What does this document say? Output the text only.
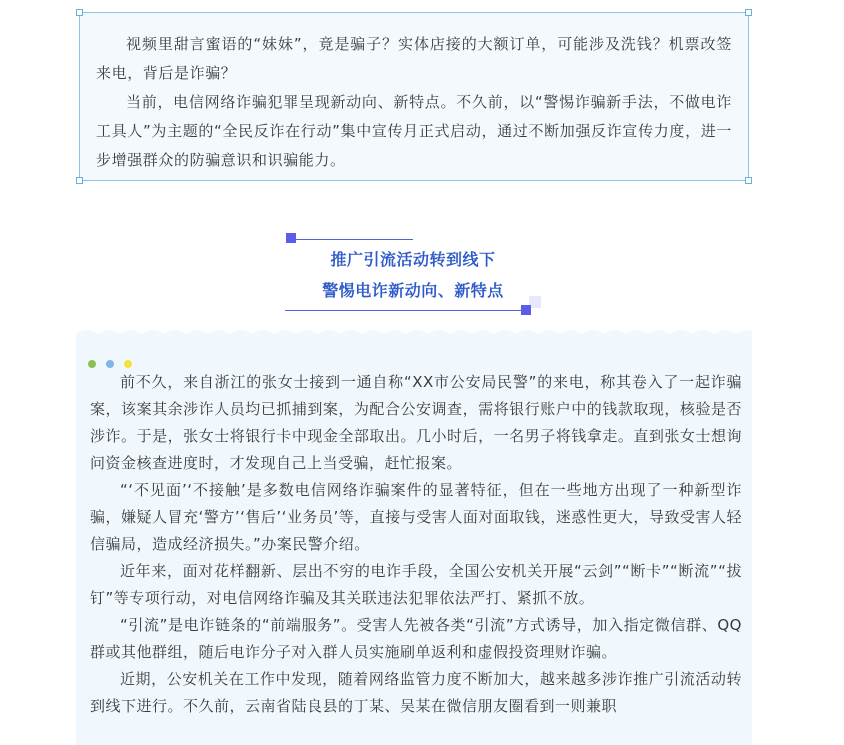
视频里甜言蜜语的“妹妹”，竟是骗子？实体店接的大额订单，可能涉及洗钱？机票改签来电，背后是诈骗？

当前，电信网络诈骗犯罪呈现新动向、新特点。不久前，以“警惕诈骗新手法，不做电诈工具人”为主题的“全民反诈在行动”集中宣传月正式启动，通过不断加强反诈宣传力度，进一步增强群众的防骗意识和识骗能力。

推广引流活动转到线下
警惕电诈新动向、新特点

前不久，来自浙江的张女士接到一通自称“XX市公安局民警”的来电，称其卷入了一起诈骗案，该案其余涉诈人员均已抓捕到案，为配合公安调查，需将银行账户中的钱款取现，核验是否涉诈。于是，张女士将银行卡中现金全部取出。几小时后，一名男子将钱拿走。直到张女士想询问资金核查进度时，才发现自己上当受骗，赶忙报案。

“‘不见面’‘不接触’是多数电信网络诈骗案件的显著特征，但在一些地方出现了一种新型诈骗，嫌疑人冒充‘警方’‘售后’‘业务员’等，直接与受害人面对面取钱，迷惑性更大，导致受害人轻信骗局，造成经济损失。”办案民警介绍。

近年来，面对花样翻新、层出不穷的电诈手段，全国公安机关开展“云剑”“断卡”“断流”“拔钉”等专项行动，对电信网络诈骗及其关联违法犯罪依法严打、紧抓不放。

“引流”是电诈链条的“前端服务”。受害人先被各类“引流”方式诱导，加入指定微信群、QQ群或其他群组，随后电诈分子对入群人员实施刷单返利和虚假投资理财诈骗。

近期，公安机关在工作中发现，随着网络监管力度不断加大，越来越多涉诈推广引流活动转到线下进行。不久前，云南省陆良县的丁某、吴某在微信朋友圈看到一则兼职
